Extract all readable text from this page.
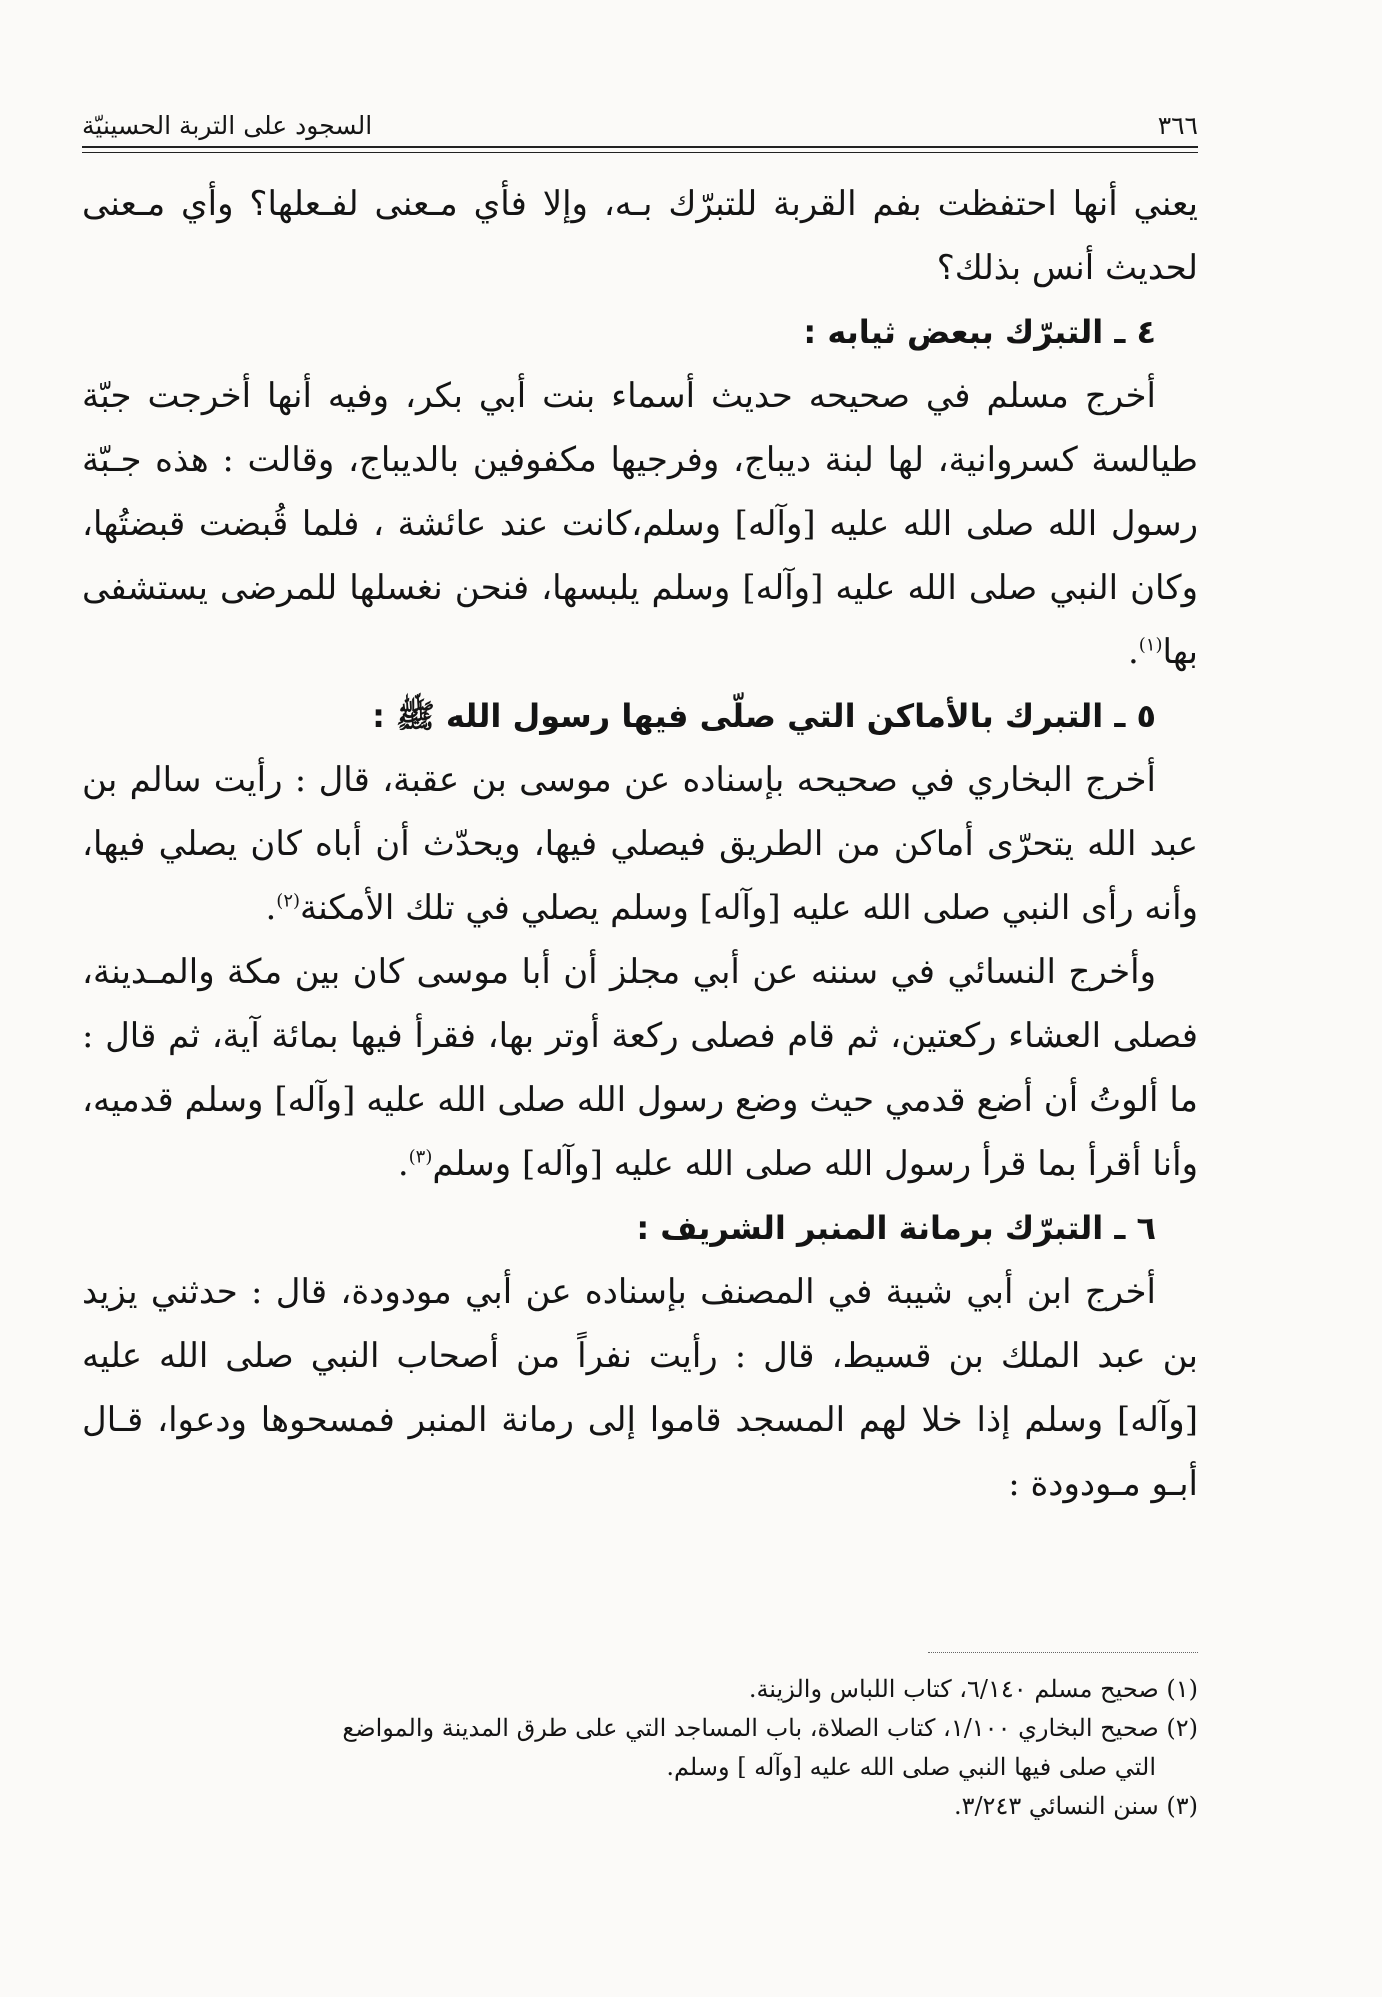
٣٦٦
السجود على التربة الحسينيّة

يعني أنها احتفظت بفم القربة للتبرّك بـه، وإلا فأي مـعنى لفـعلها؟ وأي مـعنى لحديث أنس بذلك؟

٤ ـ التبرّك ببعض ثيابه :

أخرج مسلم في صحيحه حديث أسماء بنت أبي بكر، وفيه أنها أخرجت جبّة طيالسة كسروانية، لها لبنة ديباج، وفرجيها مكفوفين بالديباج، وقالت : هذه جـبّة رسول الله صلى الله عليه [وآله] وسلم،كانت عند عائشة ، فلما قُبضت قبضتُها، وكان النبي صلى الله عليه [وآله] وسلم يلبسها، فنحن نغسلها للمرضى يستشفى بها$^{(١)}$.

٥ ـ التبرك بالأماكن التي صلّى فيها رسول الله ﷺ :

أخرج البخاري في صحيحه بإسناده عن موسى بن عقبة، قال : رأيت سالم بن عبد الله يتحرّى أماكن من الطريق فيصلي فيها، ويحدّث أن أباه كان يصلي فيها، وأنه رأى النبي صلى الله عليه [وآله] وسلم يصلي في تلك الأمكنة$^{(٢)}$.

وأخرج النسائي في سننه عن أبي مجلز أن أبا موسى كان بين مكة والمـدينة، فصلى العشاء ركعتين، ثم قام فصلى ركعة أوتر بها، فقرأ فيها بمائة آية، ثم قال : ما ألوتُ أن أضع قدمي حيث وضع رسول الله صلى الله عليه [وآله] وسلم قدميه، وأنا أقرأ بما قرأ رسول الله صلى الله عليه [وآله] وسلم$^{(٣)}$.

٦ ـ التبرّك برمانة المنبر الشريف :

أخرج ابن أبي شيبة في المصنف بإسناده عن أبي مودودة، قال : حدثني يزيد بن عبد الملك بن قسيط، قال : رأيت نفراً من أصحاب النبي صلى الله عليه [وآله] وسلم إذا خلا لهم المسجد قاموا إلى رمانة المنبر فمسحوها ودعوا، قـال أبـو مـودودة :

(١) صحيح مسلم ٦/١٤٠، كتاب اللباس والزينة.

(٢) صحيح البخاري ١/١٠٠، كتاب الصلاة، باب المساجد التي على طرق المدينة والمواضع

التي صلى فيها النبي صلى الله عليه [وآله ] وسلم.

(٣) سنن النسائي ٣/٢٤٣.
